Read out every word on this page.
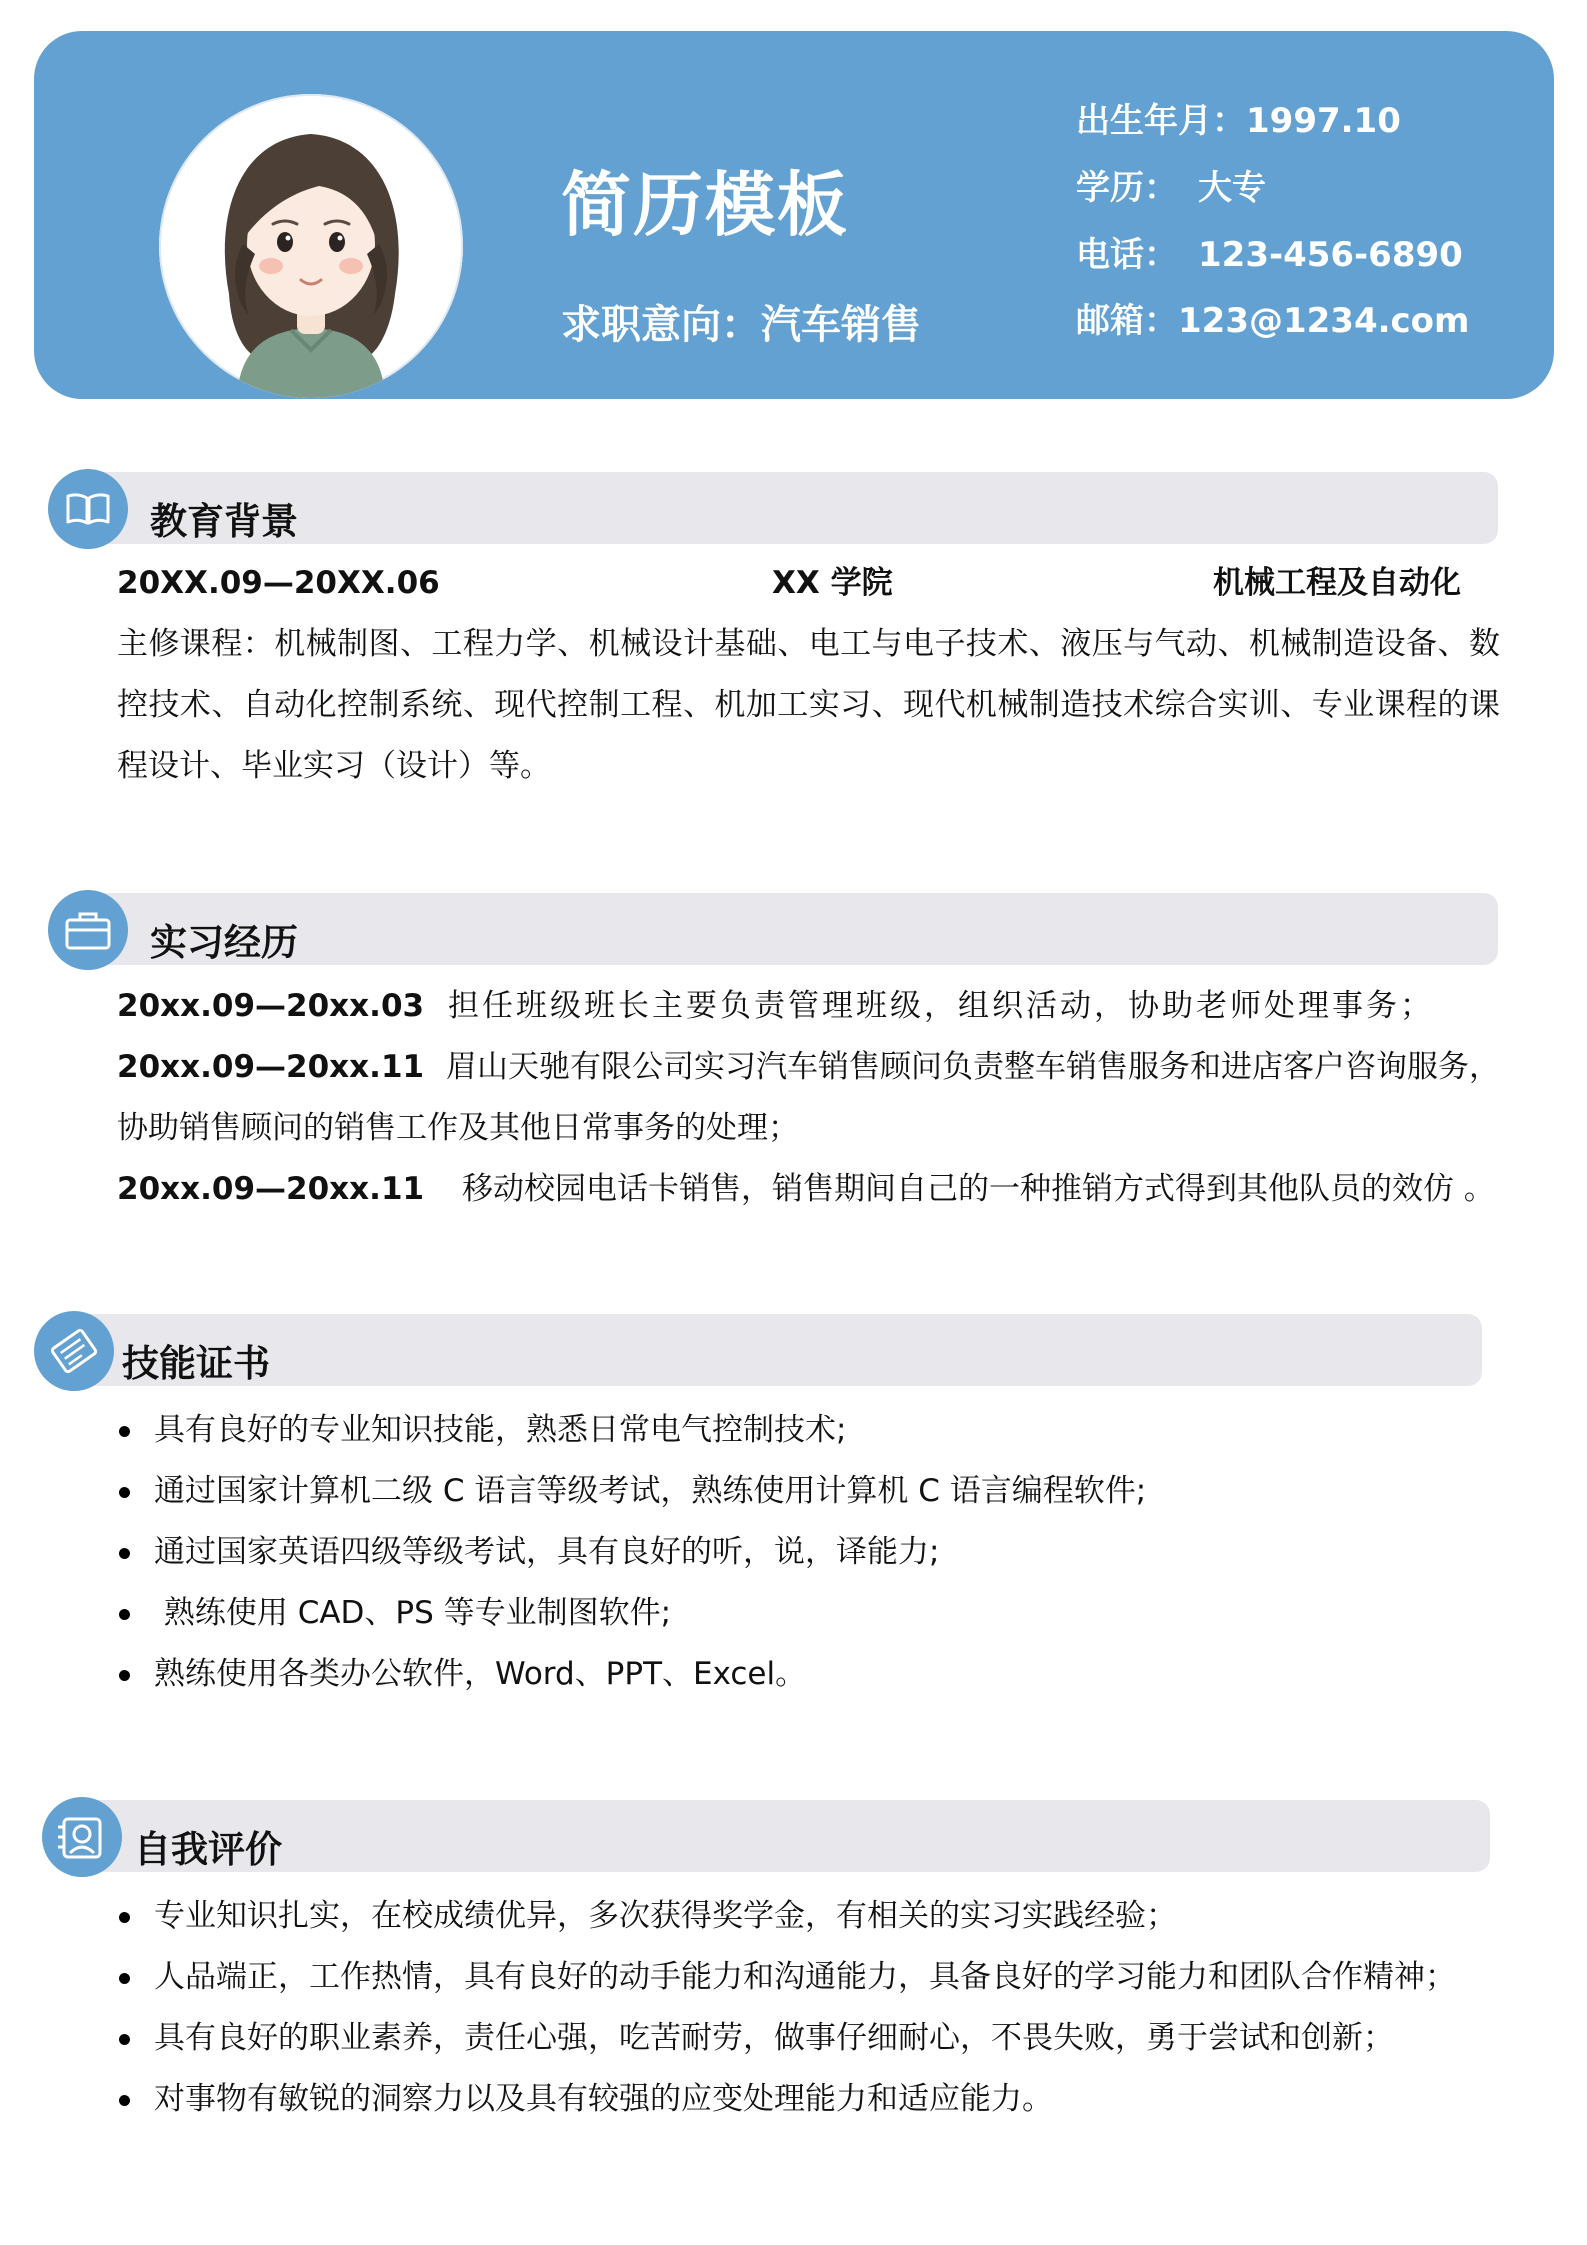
简历模板
求职意向：汽车销售
出生年月：1997.10
学历： 大专
电话： 123-456-6890
邮箱：123@1234.com
教育背景
20XX.09—20XX.06	XX 学院	机械工程及自动化

主修课程：机械制图、工程力学、机械设计基础、电工与电子技术、液压与气动、机械制造设备、数控技术、自动化控制系统、现代控制工程、机加工实习、现代机械制造技术综合实训、专业课程的课程设计、毕业实习（设计）等。

实习经历
20xx.09—20xx.03 担任班级班长主要负责管理班级，组织活动，协助老师处理事务；

20xx.09—20xx.11 眉山天驰有限公司实习汽车销售顾问负责整车销售服务和进店客户咨询服务，协助销售顾问的销售工作及其他日常事务的处理；

20xx.09—20xx.11 移动校园电话卡销售，销售期间自己的一种推销方式得到其他队员的效仿 。
技能证书
具有良好的专业知识技能，熟悉日常电气控制技术;
通过国家计算机二级 C 语言等级考试，熟练使用计算机 C 语言编程软件;
通过国家英语四级等级考试，具有良好的听，说，译能力;
熟练使用 CAD、PS 等专业制图软件;
熟练使用各类办公软件，Word、PPT、Excel。
自我评价
专业知识扎实，在校成绩优异，多次获得奖学金，有相关的实习实践经验；
人品端正，工作热情，具有良好的动手能力和沟通能力，具备良好的学习能力和团队合作精神；
具有良好的职业素养，责任心强，吃苦耐劳，做事仔细耐心，不畏失败，勇于尝试和创新；
对事物有敏锐的洞察力以及具有较强的应变处理能力和适应能力。
